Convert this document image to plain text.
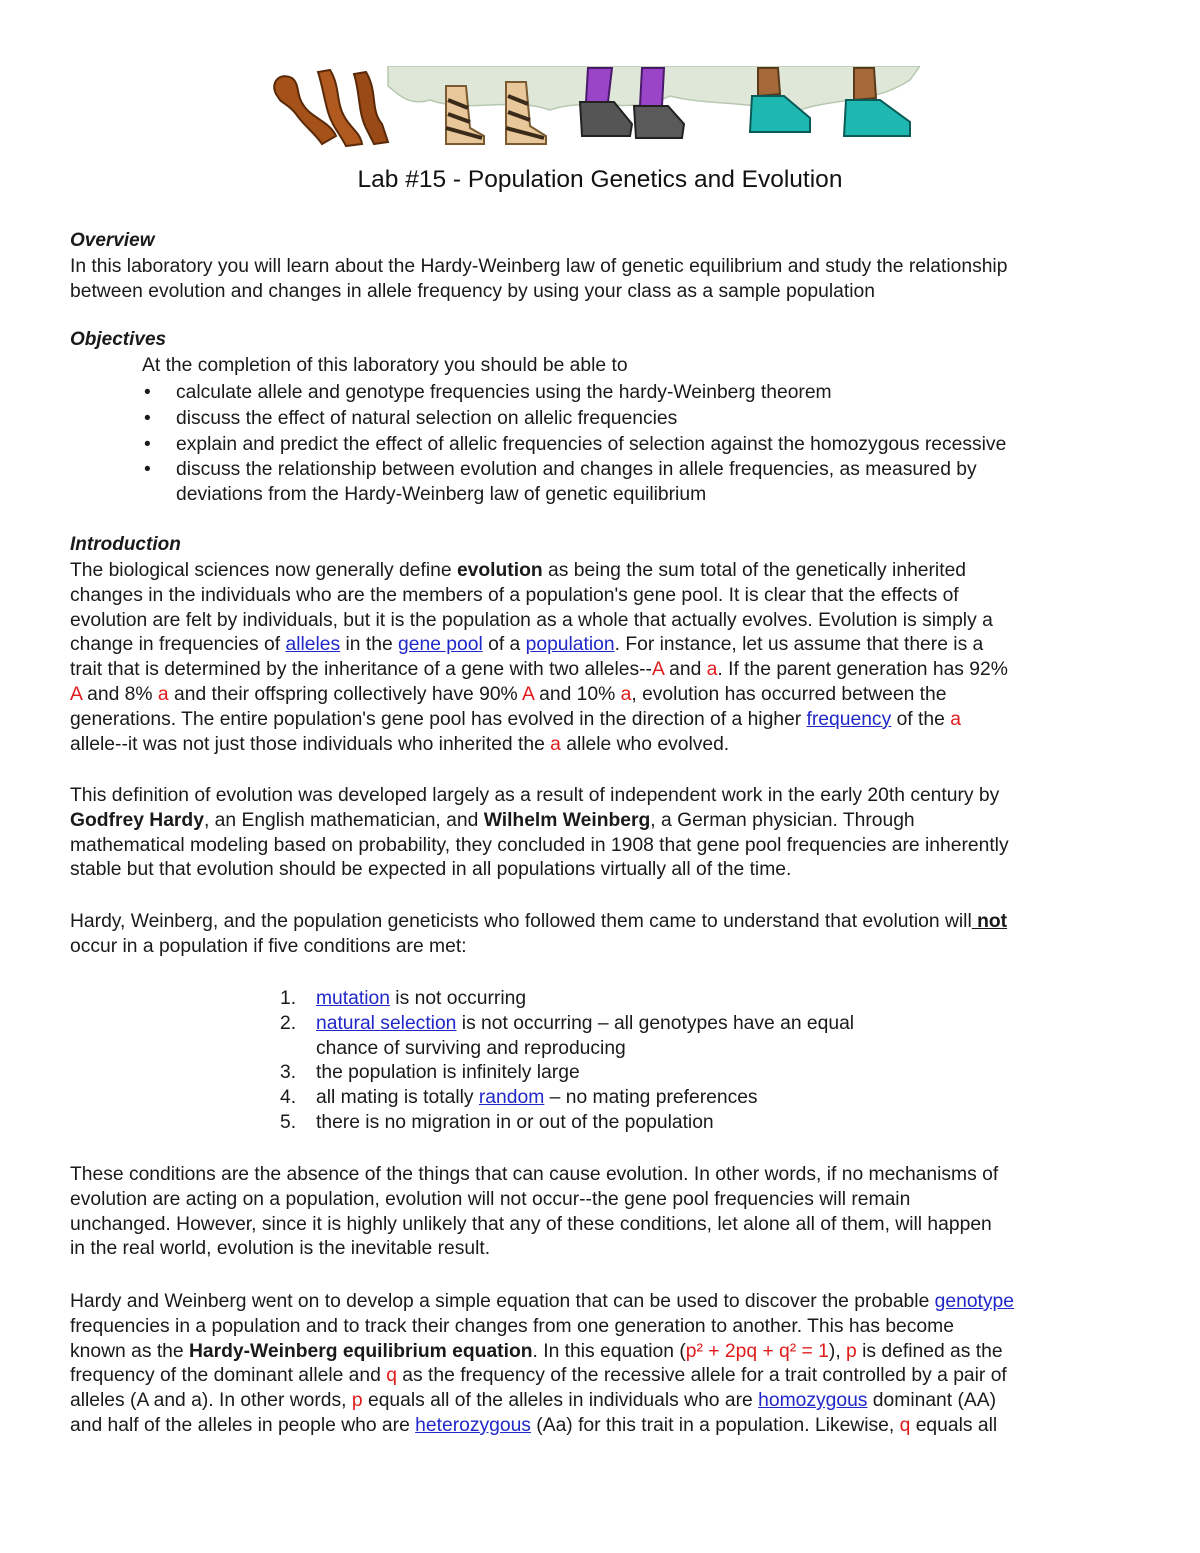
Lab #15 - Population Genetics and Evolution
Overview
In this laboratory you will learn about the Hardy-Weinberg law of genetic equilibrium and study the relationship
between evolution and changes in allele frequency by using your class as a sample population
Objectives
At the completion of this laboratory you should be able to
• calculate allele and genotype frequencies using the hardy-Weinberg theorem
• discuss the effect of natural selection on allelic frequencies
• explain and predict the effect of allelic frequencies of selection against the homozygous recessive
• discuss the relationship between evolution and changes in allele frequencies, as measured by
deviations from the Hardy-Weinberg law of genetic equilibrium
Introduction
The biological sciences now generally define evolution as being the sum total of the genetically inherited
changes in the individuals who are the members of a population's gene pool. It is clear that the effects of
evolution are felt by individuals, but it is the population as a whole that actually evolves. Evolution is simply a
change in frequencies of alleles in the gene pool of a population. For instance, let us assume that there is a
trait that is determined by the inheritance of a gene with two alleles--A and a. If the parent generation has 92%
A and 8% a and their offspring collectively have 90% A and 10% a, evolution has occurred between the
generations. The entire population's gene pool has evolved in the direction of a higher frequency of the a
allele--it was not just those individuals who inherited the a allele who evolved.
This definition of evolution was developed largely as a result of independent work in the early 20th century by
Godfrey Hardy, an English mathematician, and Wilhelm Weinberg, a German physician. Through
mathematical modeling based on probability, they concluded in 1908 that gene pool frequencies are inherently
stable but that evolution should be expected in all populations virtually all of the time.
Hardy, Weinberg, and the population geneticists who followed them came to understand that evolution will not
occur in a population if five conditions are met:
1. mutation is not occurring
2. natural selection is not occurring – all genotypes have an equal
chance of surviving and reproducing
3. the population is infinitely large
4. all mating is totally random – no mating preferences
5. there is no migration in or out of the population
These conditions are the absence of the things that can cause evolution. In other words, if no mechanisms of
evolution are acting on a population, evolution will not occur--the gene pool frequencies will remain
unchanged. However, since it is highly unlikely that any of these conditions, let alone all of them, will happen
in the real world, evolution is the inevitable result.
Hardy and Weinberg went on to develop a simple equation that can be used to discover the probable genotype
frequencies in a population and to track their changes from one generation to another. This has become
known as the Hardy-Weinberg equilibrium equation. In this equation (p² + 2pq + q² = 1), p is defined as the
frequency of the dominant allele and q as the frequency of the recessive allele for a trait controlled by a pair of
alleles (A and a). In other words, p equals all of the alleles in individuals who are homozygous dominant (AA)
and half of the alleles in people who are heterozygous (Aa) for this trait in a population. Likewise, q equals all
